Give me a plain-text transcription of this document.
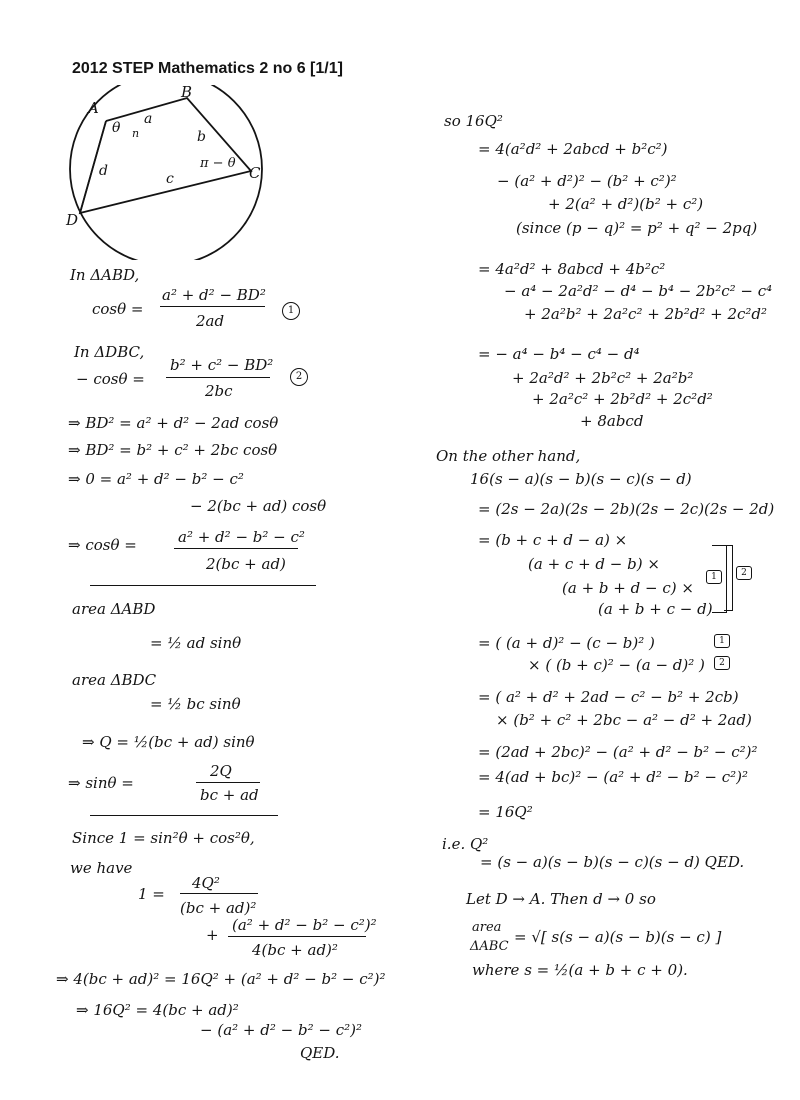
2012 STEP Mathematics 2 no 6 [1/1]
A
B
C
D
a
b
c
d
θ n
π − θ
In ΔABD,
cosθ =
a² + d² − BD²
2ad
1
In ΔDBC,
− cosθ =
b² + c² − BD²
2bc
2
⇒ BD² = a² + d² − 2ad cosθ
⇒ BD² = b² + c² + 2bc cosθ
⇒ 0 = a² + d² − b² − c²
− 2(bc + ad) cosθ
⇒ cosθ =	a² + d² − b² − c²
2(bc + ad)
area ΔABD
= ½ ad sinθ
area ΔBDC
= ½ bc sinθ
⇒ Q = ½(bc + ad) sinθ
⇒ sinθ =
2Q
bc + ad
Since 1 = sin²θ + cos²θ,
we have
1 =
4Q²
(bc + ad)²
+
(a² + d² − b² − c²)²
4(bc + ad)²
⇒ 4(bc + ad)² = 16Q² + (a² + d² − b² − c²)²
⇒ 16Q² = 4(bc + ad)²
− (a² + d² − b² − c²)²
QED.
so 16Q²
= 4(a²d² + 2abcd + b²c²)
− (a² + d²)² − (b² + c²)²
+ 2(a² + d²)(b² + c²)
(since (p − q)² = p² + q² − 2pq)
= 4a²d² + 8abcd + 4b²c²
− a⁴ − 2a²d² − d⁴ − b⁴ − 2b²c² − c⁴
+ 2a²b² + 2a²c² + 2b²d² + 2c²d²
= − a⁴ − b⁴ − c⁴ − d⁴
+ 2a²d² + 2b²c² + 2a²b²
+ 2a²c² + 2b²d² + 2c²d²
+ 8abcd
On the other hand,
16(s − a)(s − b)(s − c)(s − d)
= (2s − 2a)(2s − 2b)(2s − 2c)(2s − 2d)
= (b + c + d − a) ×
(a + c + d − b) ×
(a + b + d − c) ×
(a + b + c − d)
1	2
= ( (a + d)² − (c − b)² )	1
× ( (b + c)² − (a − d)² )	2
= ( a² + d² + 2ad − c² − b² + 2cb)
× (b² + c² + 2bc − a² − d² + 2ad)
= (2ad + 2bc)² − (a² + d² − b² − c²)²
= 4(ad + bc)² − (a² + d² − b² − c²)²
= 16Q²
i.e. Q²
= (s − a)(s − b)(s − c)(s − d) QED.
Let D → A. Then d → 0 so
area
ΔABC
= √[ s(s − a)(s − b)(s − c) ]
where s = ½(a + b + c + 0).
